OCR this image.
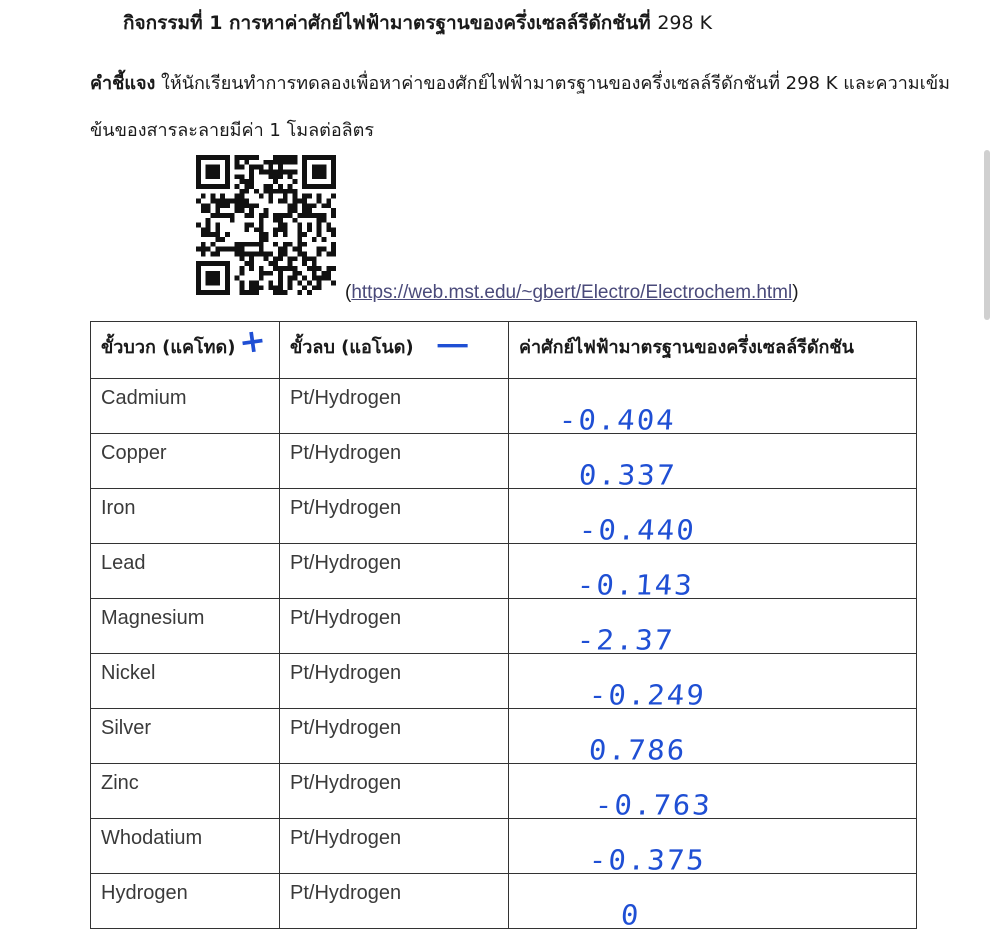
กิจกรรมที่ 1 การหาค่าศักย์ไฟฟ้ามาตรฐานของครึ่งเซลล์รีดักชันที่ 298 K
คำชี้แจง ให้นักเรียนทำการทดลองเพื่อหาค่าของศักย์ไฟฟ้ามาตรฐานของครึ่งเซลล์รีดักชันที่ 298 K และความเข้มข้นของสารละลายมีค่า 1 โมลต่อลิตร
(https://web.mst.edu/~gbert/Electro/Electrochem.html)
ขั้วบวก (แคโทด) +	ขั้วลบ (แอโนด) −	ค่าศักย์ไฟฟ้ามาตรฐานของครึ่งเซลล์รีดักชัน
Cadmium	Pt/Hydrogen	-0.404

Copper	Pt/Hydrogen	0.337

Iron	Pt/Hydrogen	-0.440

Lead	Pt/Hydrogen	-0.143

Magnesium	Pt/Hydrogen	-2.37

Nickel	Pt/Hydrogen	-0.249

Silver	Pt/Hydrogen	0.786

Zinc	Pt/Hydrogen	-0.763

Whodatium	Pt/Hydrogen	-0.375

Hydrogen	Pt/Hydrogen	0
